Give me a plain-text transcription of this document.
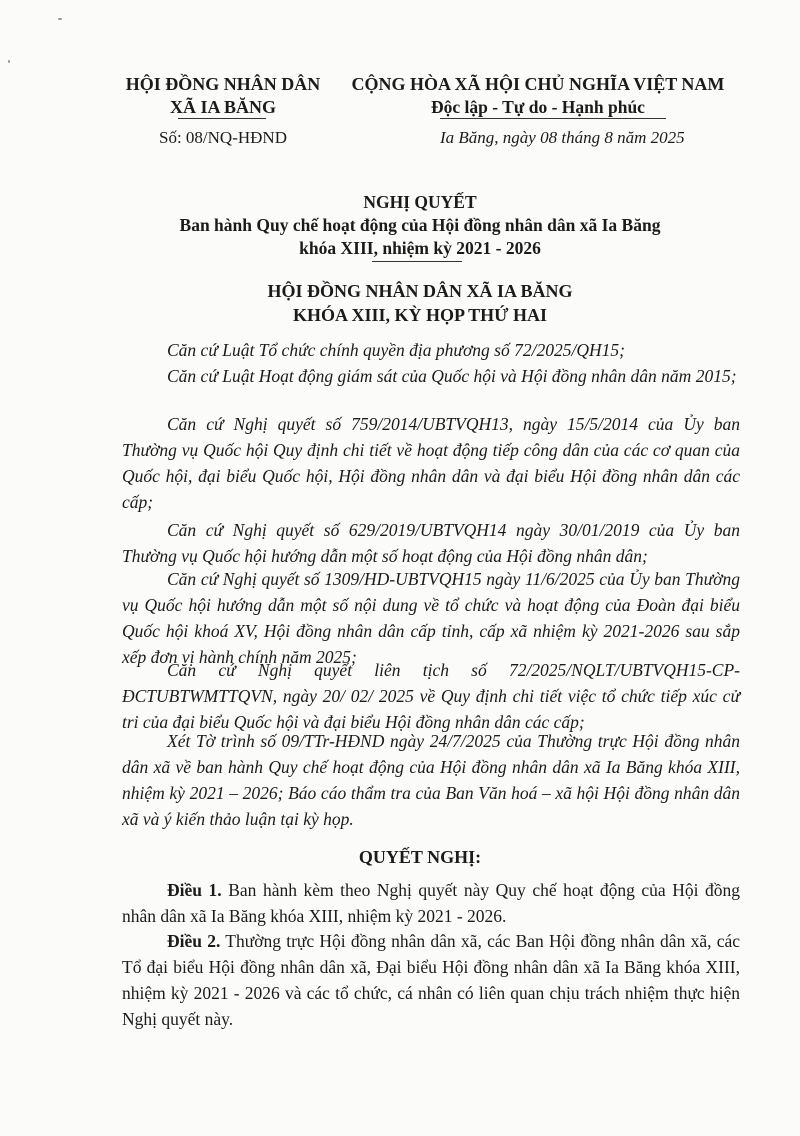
HỘI ĐỒNG NHÂN DÂN
XÃ IA BĂNG
Số: 08/NQ-HĐND
CỘNG HÒA XÃ HỘI CHỦ NGHĨA VIỆT NAM
Độc lập - Tự do - Hạnh phúc
Ia Băng, ngày 08 tháng 8 năm 2025
NGHỊ QUYẾT
Ban hành Quy chế hoạt động của Hội đồng nhân dân xã Ia Băng
khóa XIII, nhiệm kỳ 2021 - 2026
HỘI ĐỒNG NHÂN DÂN XÃ IA BĂNG
KHÓA XIII, KỲ HỌP THỨ HAI
Căn cứ Luật Tổ chức chính quyền địa phương số 72/2025/QH15;
Căn cứ Luật Hoạt động giám sát của Quốc hội và Hội đồng nhân dân năm 2015;
Căn cứ Nghị quyết số 759/2014/UBTVQH13, ngày 15/5/2014 của Ủy ban Thường vụ Quốc hội Quy định chi tiết về hoạt động tiếp công dân của các cơ quan của Quốc hội, đại biểu Quốc hội, Hội đồng nhân dân và đại biểu Hội đồng nhân dân các cấp;
Căn cứ Nghị quyết số 629/2019/UBTVQH14 ngày 30/01/2019 của Ủy ban Thường vụ Quốc hội hướng dẫn một số hoạt động của Hội đồng nhân dân;
Căn cứ Nghị quyết số 1309/HD-UBTVQH15 ngày 11/6/2025 của Ủy ban Thường vụ Quốc hội hướng dẫn một số nội dung về tổ chức và hoạt động của Đoàn đại biểu Quốc hội khoá XV, Hội đồng nhân dân cấp tỉnh, cấp xã nhiệm kỳ 2021-2026 sau sắp xếp đơn vị hành chính năm 2025;
Căn cứ Nghị quyết liên tịch số 72/2025/NQLT/UBTVQH15-CP-ĐCTUBTWMTTQVN, ngày 20/ 02/ 2025 về Quy định chi tiết việc tổ chức tiếp xúc cử tri của đại biểu Quốc hội và đại biểu Hội đồng nhân dân các cấp;
Xét Tờ trình số 09/TTr-HĐND ngày 24/7/2025 của Thường trực Hội đồng nhân dân xã về ban hành Quy chế hoạt động của Hội đồng nhân dân xã Ia Băng khóa XIII, nhiệm kỳ 2021 – 2026; Báo cáo thẩm tra của Ban Văn hoá – xã hội Hội đồng nhân dân xã và ý kiến thảo luận tại kỳ họp.
QUYẾT NGHỊ:
Điều 1. Ban hành kèm theo Nghị quyết này Quy chế hoạt động của Hội đồng nhân dân xã Ia Băng khóa XIII, nhiệm kỳ 2021 - 2026.
Điều 2. Thường trực Hội đồng nhân dân xã, các Ban Hội đồng nhân dân xã, các Tổ đại biểu Hội đồng nhân dân xã, Đại biểu Hội đồng nhân dân xã Ia Băng khóa XIII, nhiệm kỳ 2021 - 2026 và các tổ chức, cá nhân có liên quan chịu trách nhiệm thực hiện Nghị quyết này.
